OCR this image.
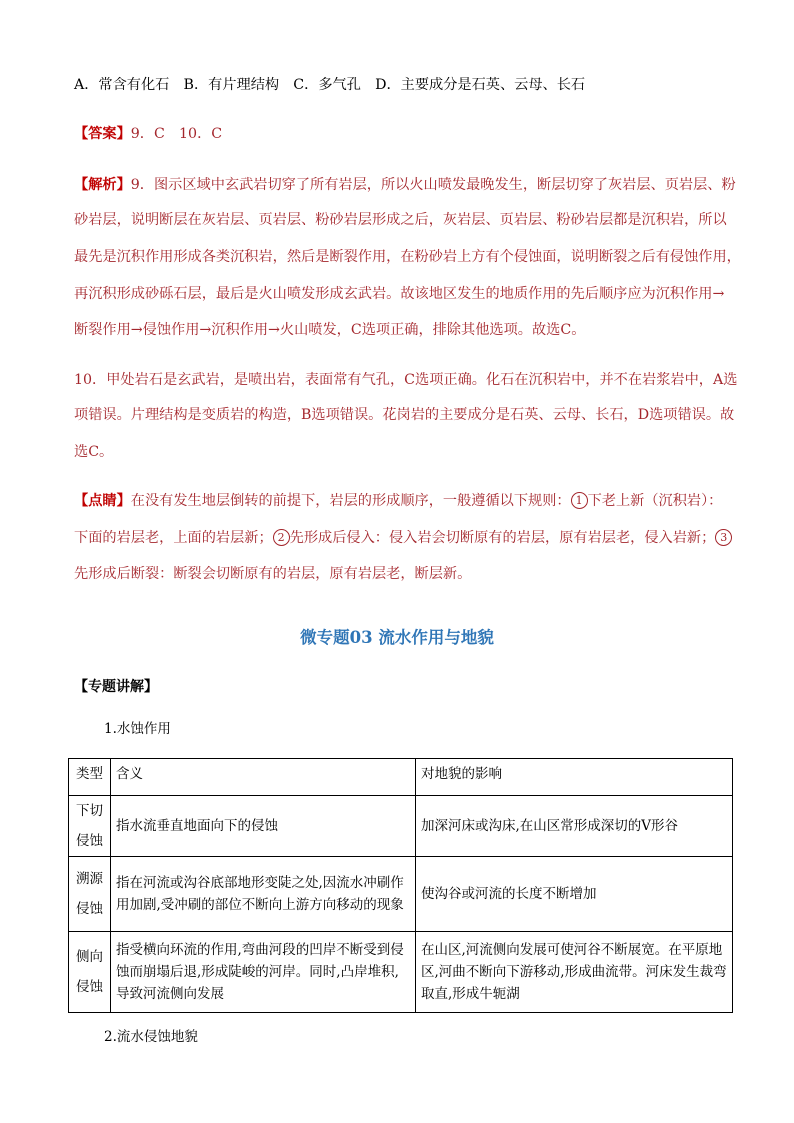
A．常含有化石　B．有片理结构　C．多气孔　D．主要成分是石英、云母、长石
【答案】9．C　10．C
【解析】9．图示区域中玄武岩切穿了所有岩层，所以火山喷发最晚发生，断层切穿了灰岩层、页岩层、粉
砂岩层，说明断层在灰岩层、页岩层、粉砂岩层形成之后，灰岩层、页岩层、粉砂岩层都是沉积岩，所以
最先是沉积作用形成各类沉积岩，然后是断裂作用，在粉砂岩上方有个侵蚀面，说明断裂之后有侵蚀作用，
再沉积形成砂砾石层，最后是火山喷发形成玄武岩。故该地区发生的地质作用的先后顺序应为沉积作用→
断裂作用→侵蚀作用→沉积作用→火山喷发，C选项正确，排除其他选项。故选C。
10．甲处岩石是玄武岩，是喷出岩，表面常有气孔，C选项正确。化石在沉积岩中，并不在岩浆岩中，A选
项错误。片理结构是变质岩的构造，B选项错误。花岗岩的主要成分是石英、云母、长石，D选项错误。故
选C。
【点睛】在没有发生地层倒转的前提下，岩层的形成顺序，一般遵循以下规则： 1 下老上新（沉积岩）：
下面的岩层老，上面的岩层新； 2 先形成后侵入：侵入岩会切断原有的岩层，原有岩层老，侵入岩新； 3
先形成后断裂：断裂会切断原有的岩层，原有岩层老，断层新。
微专题03 流水作用与地貌
【专题讲解】
1.水蚀作用
类型	含义	对地貌的影响
下切
侵蚀	指水流垂直地面向下的侵蚀	加深河床或沟床,在山区常形成深切的V形谷
溯源
侵蚀	指在河流或沟谷底部地形变陡之处,因流水冲刷作用加剧,受冲刷的部位不断向上游方向移动的现象	使沟谷或河流的长度不断增加
侧向
侵蚀	指受横向环流的作用,弯曲河段的凹岸不断受到侵蚀而崩塌后退,形成陡峻的河岸。同时,凸岸堆积,导致河流侧向发展	在山区,河流侧向发展可使河谷不断展宽。在平原地区,河曲不断向下游移动,形成曲流带。河床发生裁弯取直,形成牛轭湖
2.流水侵蚀地貌
